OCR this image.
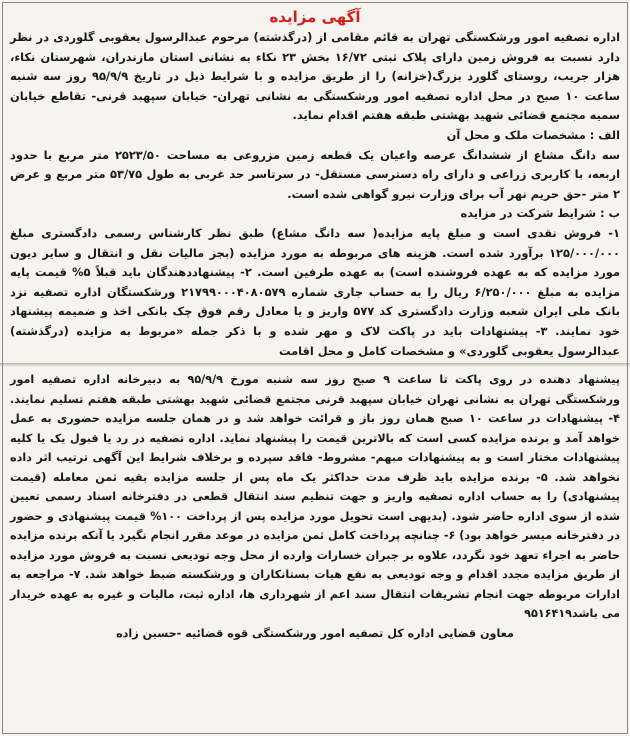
آگهی مزایده

اداره تصفیه امور ورشکستگی تهران به قائم مقامی از (درگذشته) مرحوم عبدالرسول یعقوبی گلوردی در نظر دارد نسبت به فروش زمین دارای پلاک ثبتی ۱۶/۷۲ بخش ۲۳ نکاء به نشانی استان مازندران، شهرستان نکاء، هزار جریب، روستای گلورد بزرگ(خزانه) را از طریق مزایده و با شرایط ذیل در تاریخ ۹۵/۹/۹ روز سه شنبه ساعت ۱۰ صبح در محل اداره تصفیه امور ورشکستگی به نشانی تهران- خیابان سپهبد قرنی- تقاطع خیابان سمیه مجتمع قضائی شهید بهشتی طبقه هفتم اقدام نماید.

الف : مشخصات ملک و محل آن

سه دانگ مشاع از ششدانگ عرصه واعیان یک قطعه زمین مزروعی به مساحت ۲۵۲۳/۵۰ متر مربع با حدود اربعه، با کاربری زراعی و دارای راه دسترسی مستقل- در سرتاسر حد غربی به طول ۵۳/۷۵ متر مربع و عرض ۲ متر -حق حریم نهر آب برای وزارت نیرو گواهی شده است.

ب : شرایط شرکت در مزایده

۱- فروش نقدی است و مبلغ پایه مزایده( سه دانگ مشاع) طبق نظر کارشناس رسمی دادگستری مبلغ ۱۲۵/۰۰۰/۰۰۰ برآورد شده است. هزینه های مربوطه به مورد مزایده (بجز مالیات نقل و انتقال و سایر دیون مورد مزایده که به عهده فروشنده است) به عهده طرفین است. ۲- پیشنهاددهندگان باید قبلاً ۵% قیمت پایه مزایده به مبلغ ۶/۲۵۰/۰۰۰ ریال را به حساب جاری شماره ۲۱۷۹۹۰۰۰۴۰۸۰۵۷۹ ورشکستگان اداره تصفیه نزد بانک ملی ایران شعبه وزارت دادگستری کد ۵۷۷ واریز و یا معادل رقم فوق چک بانکی اخذ و ضمیمه پیشنهاد خود نمایند. ۳- پیشنهادات باید در پاکت لاک و مهر شده و با ذکر جمله «مربوط به مزایده (درگذشته) عبدالرسول یعقوبی گلوردی» و مشخصات کامل و محل اقامت

پیشنهاد دهنده در روی پاکت تا ساعت ۹ صبح روز سه شنبه مورخ ۹۵/۹/۹ به دبیرخانه اداره تصفیه امور ورشکستگی تهران به نشانی تهران خیابان سپهبد قرنی مجتمع قضائی شهید بهشتی طبقه هفتم تسلیم نمایند. ۴- پیشنهادات در ساعت ۱۰ صبح همان روز باز و قرائت خواهد شد و در همان جلسه مزایده حضوری به عمل خواهد آمد و برنده مزایده کسی است که بالاترین قیمت را پیشنهاد نماید. اداره تصفیه در رد یا قبول یک یا کلیه پیشنهادات مختار است و به پیشنهادات مبهم- مشروط- فاقد سپرده و برخلاف شرایط این آگهی ترتیب اثر داده نخواهد شد. ۵- برنده مزایده باید ظرف مدت حداکثر یک ماه پس از جلسه مزایده بقیه ثمن معامله (قیمت پیشنهادی) را به حساب اداره تصفیه واریز و جهت تنظیم سند انتقال قطعی در دفترخانه اسناد رسمی تعیین شده از سوی اداره حاضر شود. (بدیهی است تحویل مورد مزایده پس از پرداخت ۱۰۰% قیمت پیشنهادی و حضور در دفترخانه میسر خواهد بود) ۶- چنانچه پرداخت کامل ثمن مزایده در موعد مقرر انجام نگیرد یا آنکه برنده مزایده حاضر به اجراء تعهد خود نگردد، علاوه بر جبران خسارات وارده از محل وجه تودیعی نسبت به فروش مورد مزایده از طریق مزایده مجدد اقدام و وجه تودیعی به نفع هیات بستانکاران و ورشکسته ضبط خواهد شد. ۷- مراجعه به ادارات مربوطه جهت انجام تشریفات انتقال سند اعم از شهرداری ها، اداره ثبت، مالیات و غیره به عهده خریدار می باشد۹۵۱۶۴۱۹

معاون قضایی اداره کل تصفیه امور ورشکستگی قوه قضائیه -حسین زاده
